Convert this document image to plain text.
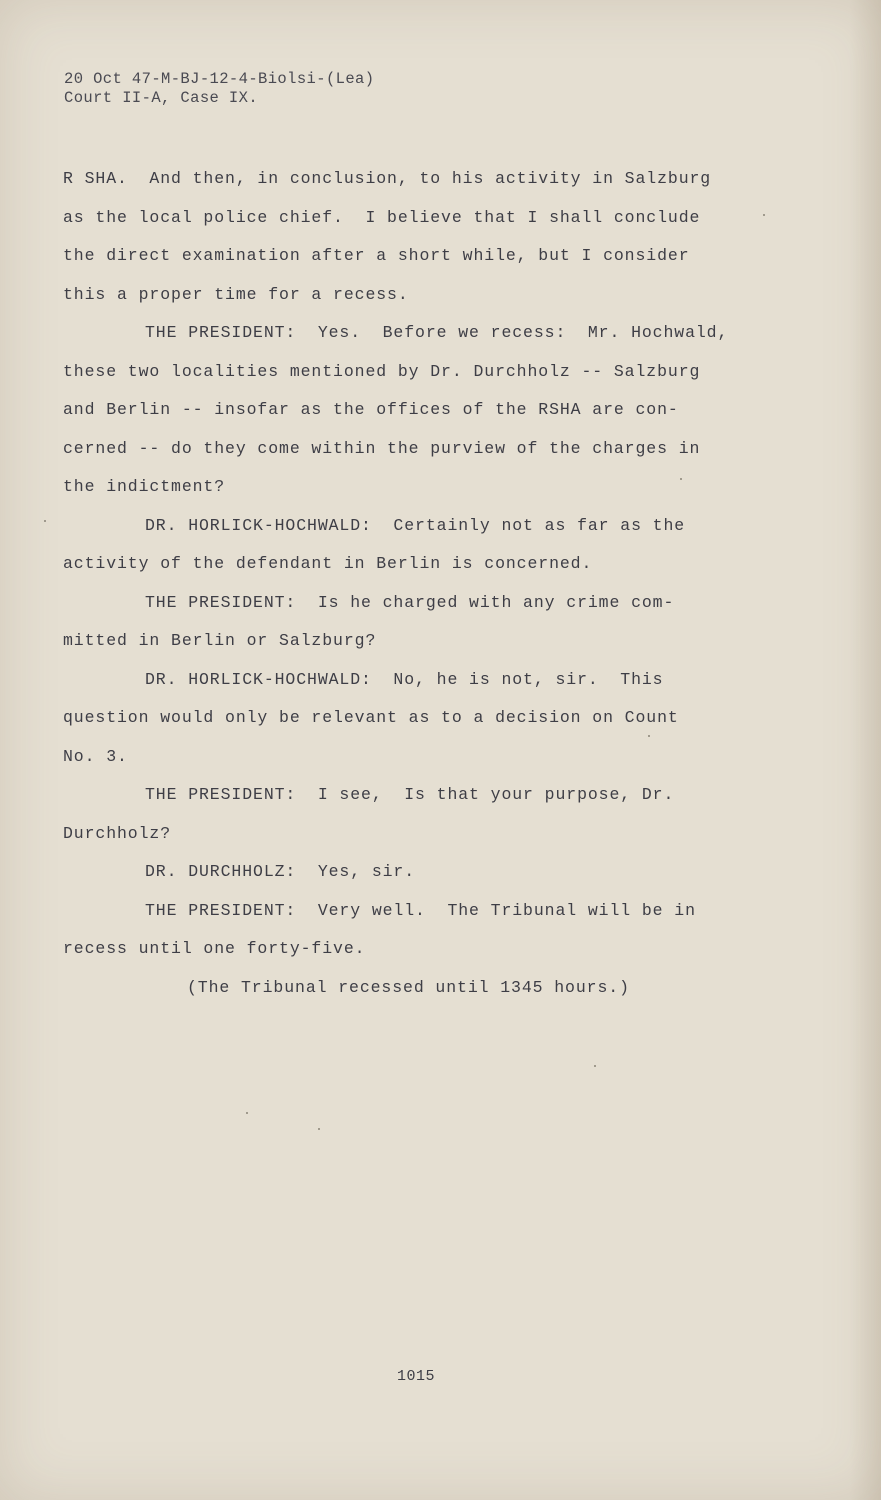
20 Oct 47-M-BJ-12-4-Biolsi-(Lea)
Court II-A, Case IX.
R SHA.  And then, in conclusion, to his activity in Salzburg
as the local police chief.  I believe that I shall conclude
the direct examination after a short while, but I consider
this a proper time for a recess.
THE PRESIDENT:  Yes.  Before we recess:  Mr. Hochwald,
these two localities mentioned by Dr. Durchholz -- Salzburg
and Berlin -- insofar as the offices of the RSHA are con-
cerned -- do they come within the purview of the charges in
the indictment?
DR. HORLICK-HOCHWALD:  Certainly not as far as the
activity of the defendant in Berlin is concerned.
THE PRESIDENT:  Is he charged with any crime com-
mitted in Berlin or Salzburg?
DR. HORLICK-HOCHWALD:  No, he is not, sir.  This
question would only be relevant as to a decision on Count
No. 3.
THE PRESIDENT:  I see,  Is that your purpose, Dr.
Durchholz?
DR. DURCHHOLZ:  Yes, sir.
THE PRESIDENT:  Very well.  The Tribunal will be in
recess until one forty-five.
(The Tribunal recessed until 1345 hours.)
1015
